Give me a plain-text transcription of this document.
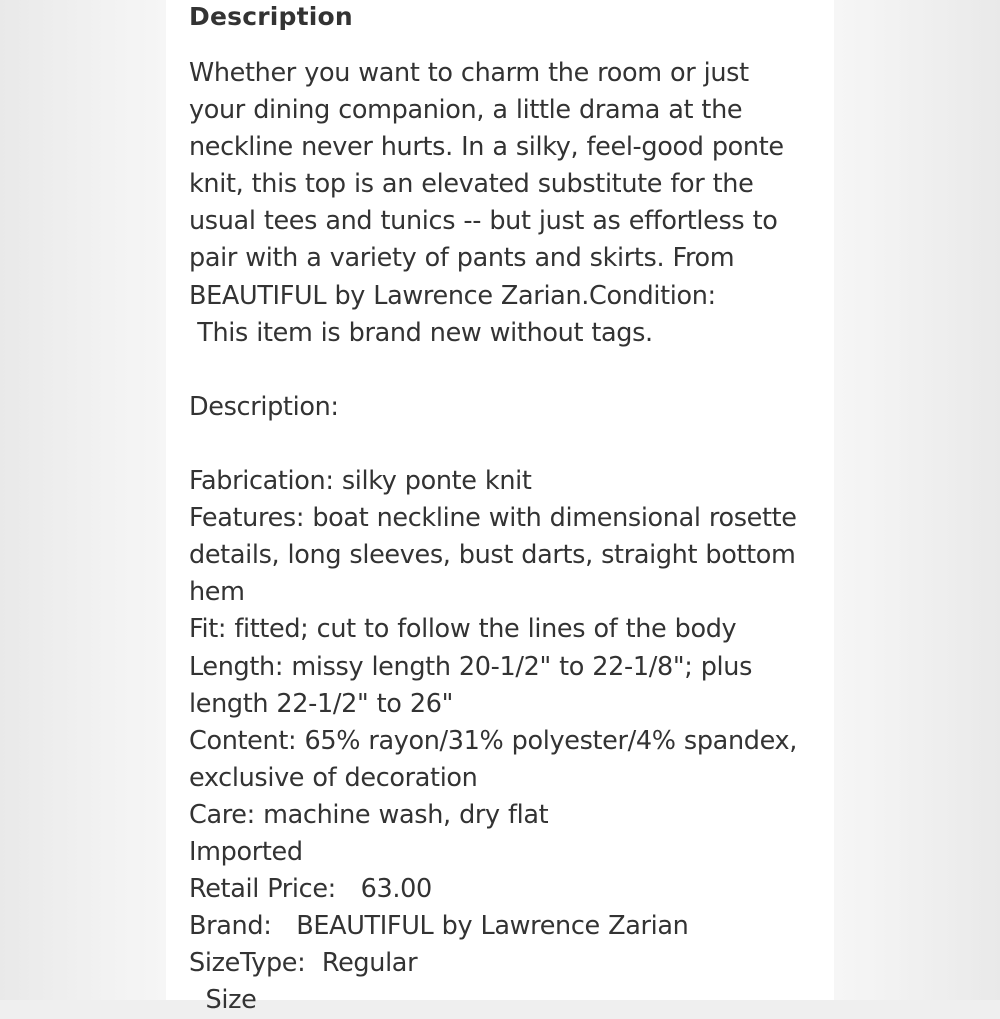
Description
Whether you want to charm the room or just
your dining companion, a little drama at the
neckline never hurts. In a silky, feel-good ponte
knit, this top is an elevated substitute for the
usual tees and tunics -- but just as effortless to
pair with a variety of pants and skirts. From
BEAUTIFUL by Lawrence Zarian.Condition:
This item is brand new without tags.
Description:
Fabrication: silky ponte knit
Features: boat neckline with dimensional rosette
details, long sleeves, bust darts, straight bottom
hem
Fit: fitted; cut to follow the lines of the body
Length: missy length 20-1/2" to 22-1/8"; plus
length 22-1/2" to 26"
Content: 65% rayon/31% polyester/4% spandex,
exclusive of decoration
Care: machine wash, dry flat
Imported
Retail Price:   63.00
Brand:   BEAUTIFUL by Lawrence Zarian
SizeType:  Regular
Size
